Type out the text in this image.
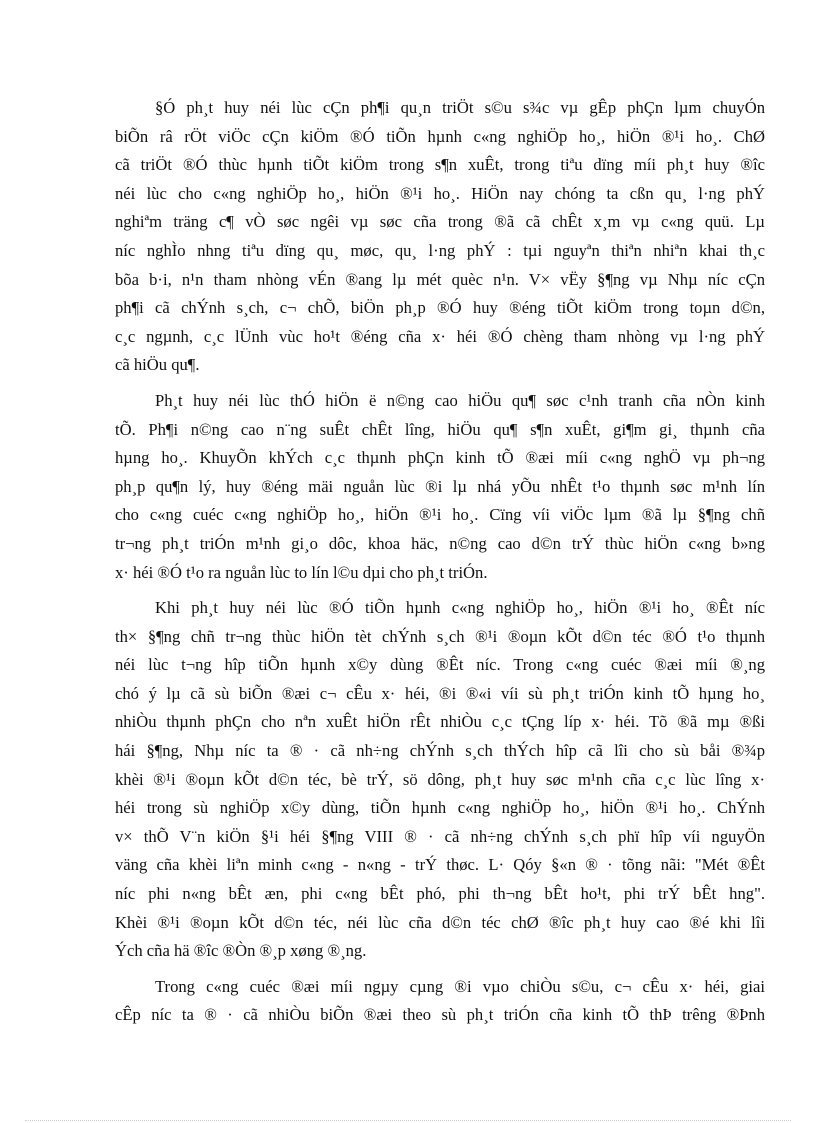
§Ó ph¸t huy néi lùc cÇn ph¶i qu¸n triÖt s©u s¾c vµ gÊp phÇn lµm chuyÓn
biÕn râ rÖt viÖc cÇn kiÖm ®Ó tiÕn hµnh c«ng nghiÖp ho¸, hiÖn ®¹i ho¸. ChØ
cã triÖt ®Ó thùc hµnh tiÕt kiÖm trong s¶n xuÊt, trong tiªu dïng míi ph¸t huy ®îc
néi lùc cho c«ng nghiÖp ho¸, hiÖn ®¹i ho¸. HiÖn nay chóng ta cßn qu¸ l·ng phÝ
nghiªm träng c¶ vÒ søc ngêi vµ søc cña trong ®ã cã chÊt x¸m vµ c«ng quü. Lµ
níc nghÌo nhng tiªu dïng qu¸ møc, qu¸ l·ng phÝ : tµi nguyªn thiªn nhiªn khai th¸c
bõa b·i, n¹n tham nhòng vÉn ®ang lµ mét quèc n¹n. V× vËy §¶ng vµ Nhµ níc cÇn
ph¶i cã chÝnh s¸ch, c¬ chÕ, biÖn ph¸p ®Ó huy ®éng tiÕt kiÖm trong toµn d©n,
c¸c ngµnh, c¸c lÜnh vùc ho¹t ®éng cña x· héi ®Ó chèng tham nhòng vµ l·ng phÝ
cã hiÖu qu¶.
Ph¸t huy néi lùc thÓ hiÖn ë n©ng cao hiÖu qu¶ søc c¹nh tranh cña nÒn kinh
tÕ. Ph¶i n©ng cao n¨ng suÊt chÊt lîng, hiÖu qu¶ s¶n xuÊt, gi¶m gi¸ thµnh cña
hµng ho¸. KhuyÕn khÝch c¸c thµnh phÇn kinh tÕ ®æi míi c«ng nghÖ vµ ph¬ng
ph¸p qu¶n lý, huy ®éng mäi nguån lùc ®i lµ nhá yÕu nhÊt t¹o thµnh søc m¹nh lín
cho c«ng cuéc c«ng nghiÖp ho¸, hiÖn ®¹i ho¸. Cïng víi viÖc lµm ®ã lµ §¶ng chñ
tr¬ng ph¸t triÓn m¹nh gi¸o dôc, khoa häc, n©ng cao d©n trÝ thùc hiÖn c«ng b»ng
x· héi ®Ó t¹o ra nguån lùc to lín l©u dµi cho ph¸t triÓn.
Khi ph¸t huy néi lùc ®Ó tiÕn hµnh c«ng nghiÖp ho¸, hiÖn ®¹i ho¸ ®Êt níc
th× §¶ng chñ tr¬ng thùc hiÖn tèt chÝnh s¸ch ®¹i ®oµn kÕt d©n téc ®Ó t¹o thµnh
néi lùc t¬ng hîp tiÕn hµnh x©y dùng ®Êt níc. Trong c«ng cuéc ®æi míi ®¸ng
chó ý lµ cã sù biÕn ®æi c¬ cÊu x· héi, ®i ®«i víi sù ph¸t triÓn kinh tÕ hµng ho¸
nhiÒu thµnh phÇn cho nªn xuÊt hiÖn rÊt nhiÒu c¸c tÇng líp x· héi. Tõ ®ã mµ ®ßi
hái §¶ng, Nhµ níc ta ® · cã nh÷ng chÝnh s¸ch thÝch hîp cã lîi cho sù båi ®¾p
khèi ®¹i ®oµn kÕt d©n téc, bè trÝ, sö dông, ph¸t huy søc m¹nh cña c¸c lùc lîng x·
héi trong sù nghiÖp x©y dùng, tiÕn hµnh c«ng nghiÖp ho¸, hiÖn ®¹i ho¸. ChÝnh
v× thÕ V¨n kiÖn §¹i héi §¶ng VIII ® · cã nh÷ng chÝnh s¸ch phï hîp víi nguyÖn
väng cña khèi liªn minh c«ng - n«ng - trÝ thøc. L· Qóy §«n ® · tõng nãi: "Mét ®Êt
níc phi n«ng bÊt æn, phi c«ng bÊt phó, phi th¬ng bÊt ho¹t, phi trÝ bÊt hng".
Khèi ®¹i ®oµn kÕt d©n téc, néi lùc cña d©n téc chØ ®îc ph¸t huy cao ®é khi lîi
Ých cña hä ®îc ®Òn ®¸p xøng ®¸ng.
Trong c«ng cuéc ®æi míi ngµy cµng ®i vµo chiÒu s©u, c¬ cÊu x· héi, giai
cÊp níc ta ® · cã nhiÒu biÕn ®æi theo sù ph¸t triÓn cña kinh tÕ thÞ trêng ®Þnh
